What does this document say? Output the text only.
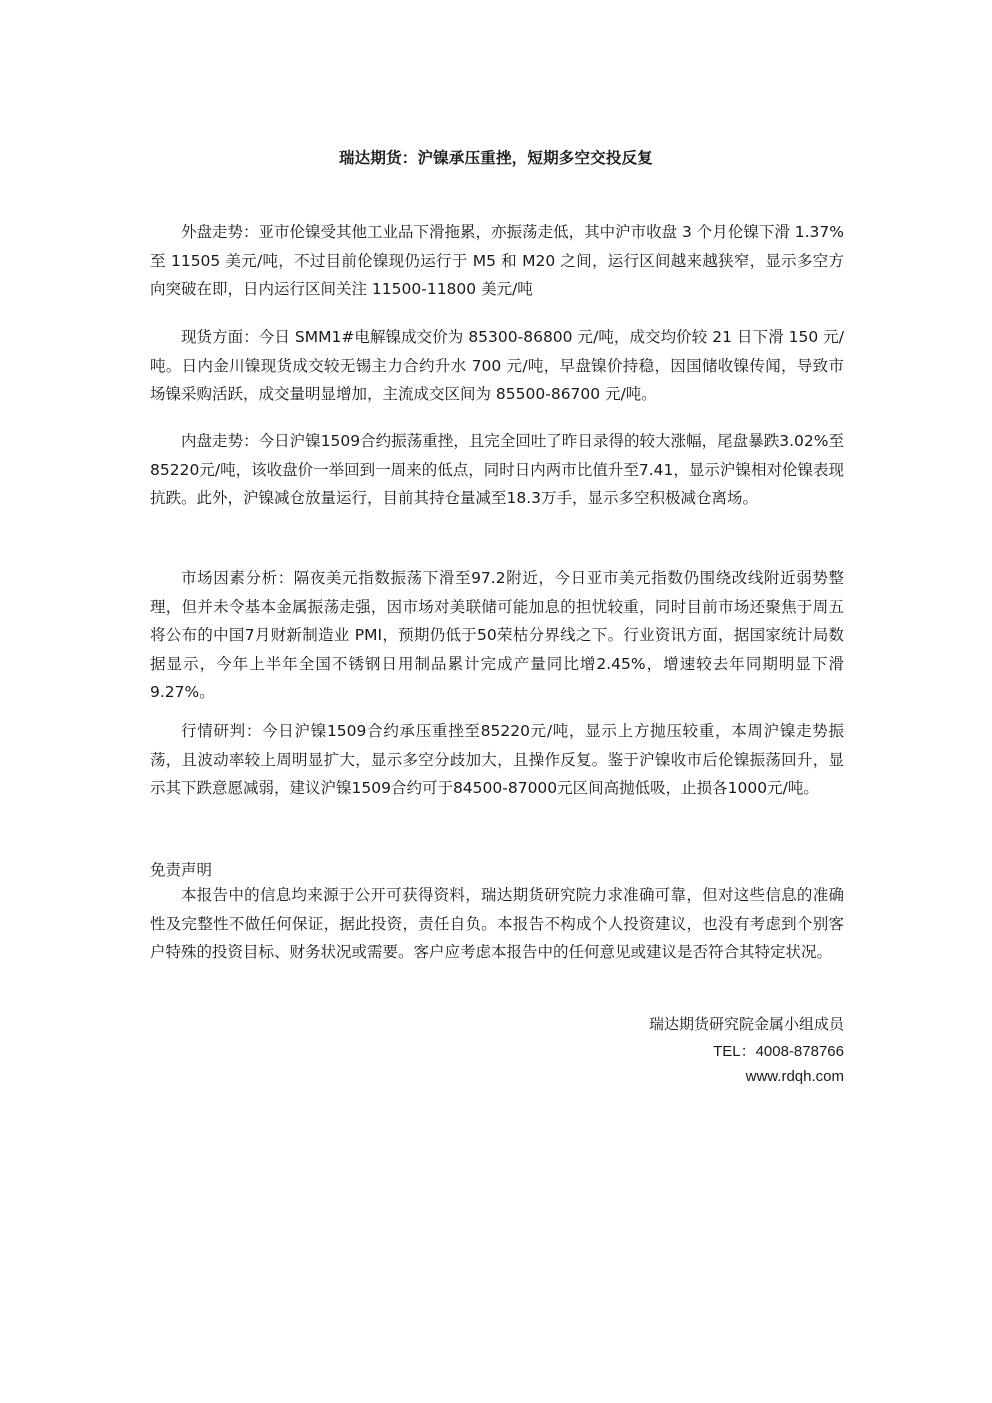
瑞达期货：沪镍承压重挫，短期多空交投反复
外盘走势：亚市伦镍受其他工业品下滑拖累，亦振荡走低，其中沪市收盘 3 个月伦镍下滑 1.37%至 11505 美元/吨，不过目前伦镍现仍运行于 M5 和 M20 之间，运行区间越来越狭窄，显示多空方向突破在即，日内运行区间关注 11500-11800 美元/吨
现货方面：今日 SMM1#电解镍成交价为 85300-86800 元/吨，成交均价较 21 日下滑 150 元/吨。日内金川镍现货成交较无锡主力合约升水 700 元/吨，早盘镍价持稳，因国储收镍传闻，导致市场镍采购活跃，成交量明显增加，主流成交区间为 85500-86700 元/吨。
内盘走势：今日沪镍1509合约振荡重挫，且完全回吐了昨日录得的较大涨幅，尾盘暴跌3.02%至85220元/吨，该收盘价一举回到一周来的低点，同时日内两市比值升至7.41，显示沪镍相对伦镍表现抗跌。此外，沪镍减仓放量运行，目前其持仓量减至18.3万手，显示多空积极减仓离场。
市场因素分析：隔夜美元指数振荡下滑至97.2附近，今日亚市美元指数仍围绕改线附近弱势整理，但并未令基本金属振荡走强，因市场对美联储可能加息的担忧较重，同时目前市场还聚焦于周五将公布的中国7月财新制造业 PMI，预期仍低于50荣枯分界线之下。行业资讯方面，据国家统计局数据显示，今年上半年全国不锈钢日用制品累计完成产量同比增2.45%，增速较去年同期明显下滑9.27%。
行情研判：今日沪镍1509合约承压重挫至85220元/吨，显示上方抛压较重，本周沪镍走势振荡，且波动率较上周明显扩大，显示多空分歧加大，且操作反复。鉴于沪镍收市后伦镍振荡回升，显示其下跌意愿减弱，建议沪镍1509合约可于84500-87000元区间高抛低吸，止损各1000元/吨。
免责声明
本报告中的信息均来源于公开可获得资料，瑞达期货研究院力求准确可靠，但对这些信息的准确性及完整性不做任何保证，据此投资，责任自负。本报告不构成个人投资建议，也没有考虑到个别客户特殊的投资目标、财务状况或需要。客户应考虑本报告中的任何意见或建议是否符合其特定状况。
瑞达期货研究院金属小组成员
TEL：4008-878766
www.rdqh.com
